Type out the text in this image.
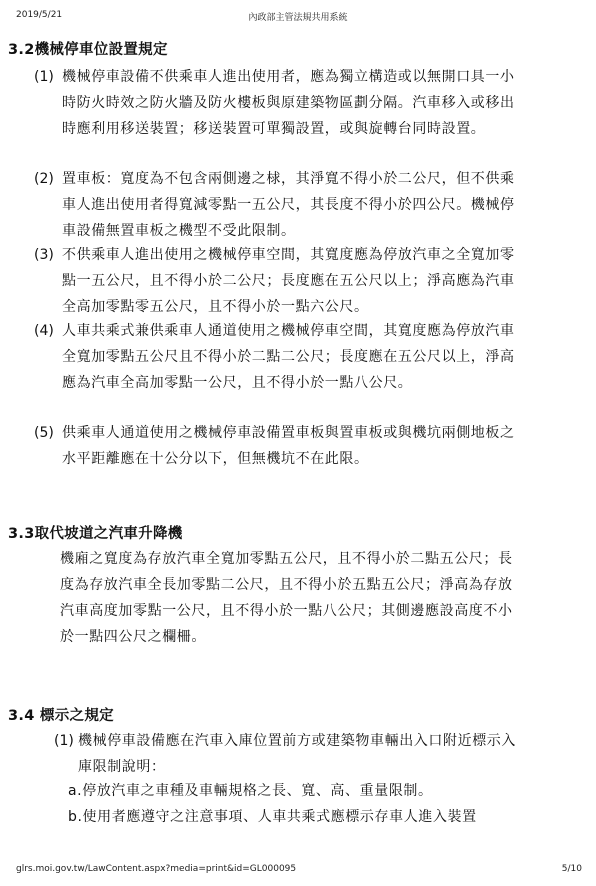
2019/5/21	內政部主管法規共用系統
3.2機械停車位設置規定
(1) 機械停車設備不供乘車人進出使用者，應為獨立構造或以無開口具一小時防火時效之防火牆及防火樓板與原建築物區劃分隔。汽車移入或移出時應利用移送裝置；移送裝置可單獨設置，或與旋轉台同時設置。
(2) 置車板：寬度為不包含兩側邊之梂，其淨寬不得小於二公尺，但不供乘車人進出使用者得寬減零點一五公尺，其長度不得小於四公尺。機械停車設備無置車板之機型不受此限制。
(3) 不供乘車人進出使用之機械停車空間，其寬度應為停放汽車之全寬加零點一五公尺，且不得小於二公尺；長度應在五公尺以上；淨高應為汽車全高加零點零五公尺，且不得小於一點六公尺。
(4) 人車共乘式兼供乘車人通道使用之機械停車空間，其寬度應為停放汽車全寬加零點五公尺且不得小於二點二公尺；長度應在五公尺以上，淨高應為汽車全高加零點一公尺，且不得小於一點八公尺。
(5) 供乘車人通道使用之機械停車設備置車板與置車板或與機坑兩側地板之水平距離應在十公分以下，但無機坑不在此限。
3.3取代坡道之汽車升降機
機廂之寬度為存放汽車全寬加零點五公尺，且不得小於二點五公尺；長度為存放汽車全長加零點二公尺，且不得小於五點五公尺；淨高為存放汽車高度加零點一公尺，且不得小於一點八公尺；其側邊應設高度不小於一點四公尺之欄柵。
3.4 標示之規定
(1) 機械停車設備應在汽車入庫位置前方或建築物車輛出入口附近標示入庫限制說明：
a.停放汽車之車種及車輛規格之長、寬、高、重量限制。
b.使用者應遵守之注意事項、人車共乘式應標示存車人進入裝置
glrs.moi.gov.tw/LawContent.aspx?media=print&id=GL000095	5/10
